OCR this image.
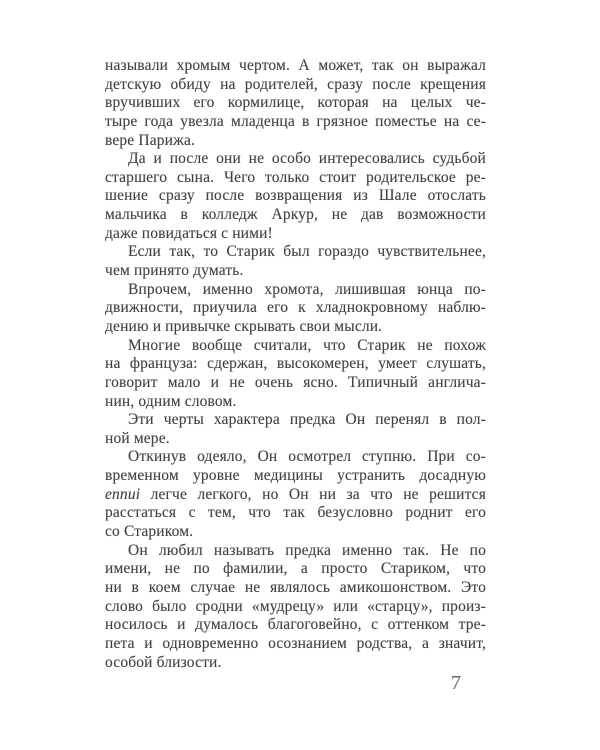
называли хромым чертом. А может, так он выражал
детскую обиду на родителей, сразу после крещения
вручивших его кормилице, которая на целых че-
тыре года увезла младенца в грязное поместье на се-
вере Парижа.
Да и после они не особо интересовались судьбой
старшего сына. Чего только стоит родительское ре-
шение сразу после возвращения из Шале отослать
мальчика в колледж Аркур, не дав возможности
даже повидаться с ними!
Если так, то Старик был гораздо чувствительнее,
чем принято думать.
Впрочем, именно хромота, лишившая юнца по-
движности, приучила его к хладнокровному наблю-
дению и привычке скрывать свои мысли.
Многие вообще считали, что Старик не похож
на француза: сдержан, высокомерен, умеет слушать,
говорит мало и не очень ясно. Типичный англича-
нин, одним словом.
Эти черты характера предка Он перенял в пол-
ной мере.
Откинув одеяло, Он осмотрел ступню. При со-
временном уровне медицины устранить досадную
ennui легче легкого, но Он ни за что не решится
расстаться с тем, что так безусловно роднит его
со Стариком.
Он любил называть предка именно так. Не по
имени, не по фамилии, а просто Стариком, что
ни в коем случае не являлось амикошонством. Это
слово было сродни «мудрецу» или «старцу», произ-
носилось и думалось благоговейно, с оттенком тре-
пета и одновременно осознанием родства, а значит,
особой близости.
7
